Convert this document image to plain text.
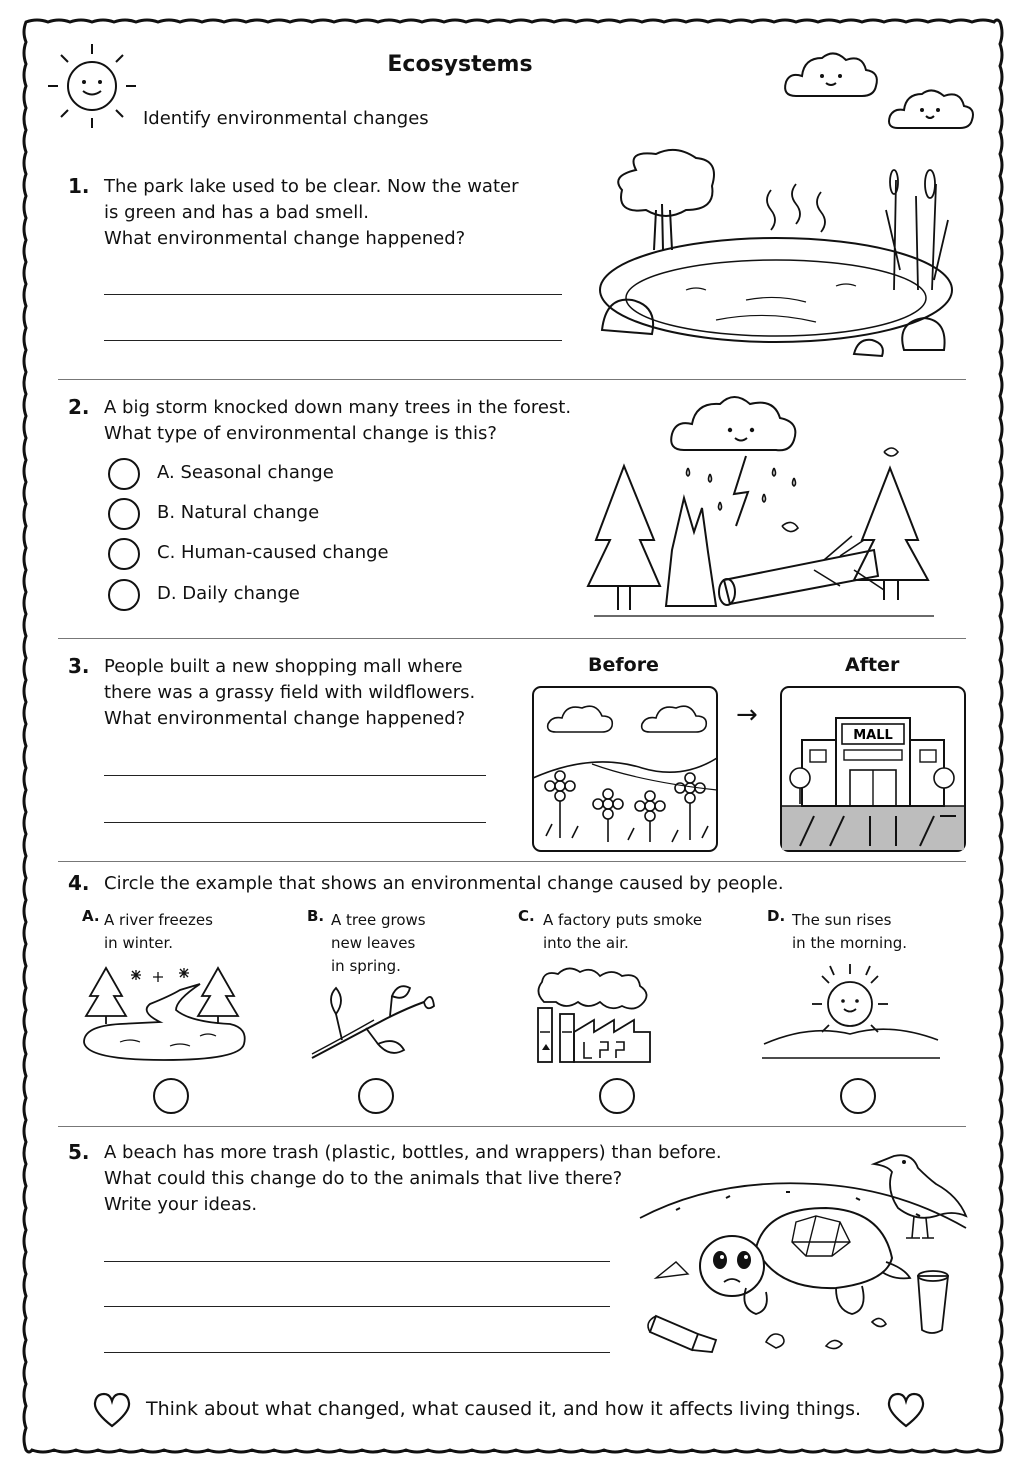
Ecosystems
Identify environmental changes
1. The park lake used to be clear. Now the water
is green and has a bad smell.
What environmental change happened?
2. A big storm knocked down many trees in the forest.
What type of environmental change is this?
A. Seasonal change
B. Natural change
C. Human-caused change
D. Daily change
3. People built a new shopping mall where
there was a grassy field with wildflowers.
What environmental change happened?
Before	After
→
MALL
4. Circle the example that shows an environmental change caused by people.
A. A river freezes
in winter.
B. A tree grows
new leaves
in spring.
C. A factory puts smoke
into the air.
D. The sun rises
in the morning.
5. A beach has more trash (plastic, bottles, and wrappers) than before.
What could this change do to the animals that live there?
Write your ideas.
Think about what changed, what caused it, and how it affects living things.
